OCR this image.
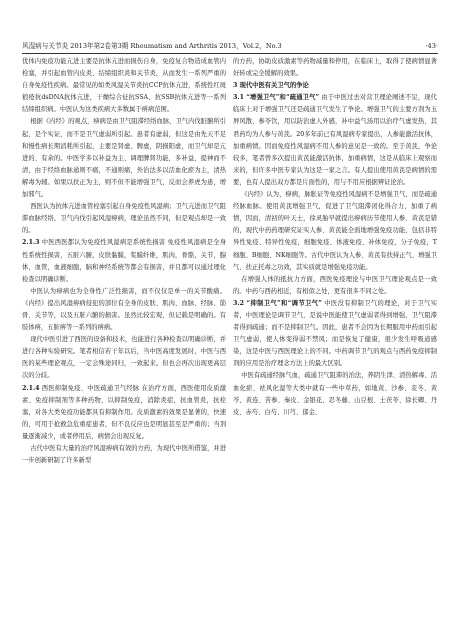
风湿病与关节炎 2013年第2卷第3期 Rheumatism and Arthritis 2013，Vol.2，No.3	·43·

优体内免疫功能亢进主要是抗体亢进而损伤自身，免疫复合物造成血管内栓塞，并引起血管内皮炎、结缔组织炎和关节炎，从而发生一系列严重的自身免疫性疾病。最常见的如类风湿关节炎抗CCP抗体亢进，系统性红斑狼疮抗dsDNA抗体亢进，干燥综合征抗SSA、抗SSB抗体亢进等一系列结缔组织病。中医认为这类疾病大多数属于痹病范围。

根据《内经》的观点，痹病是由卫气阻滞经络血脉，卫气内伐脏腑所引起，是个实证，而不是卫气虚弱所引起。患者有虚弱，但这是由先天不足和慢性病长期消耗所引起，主要是肾虚、脾虚，阴损阳虚，而卫气却是亢进的、有余的。中医学多以补益为主、调理脾肾功能，多补益、提神而不清，由于经络血脉通则不痛，不通则痛，外治法多以活血化瘀为主，清热解毒为辅。如果以扶正为主，则不但不能增强卫气，反而会养虎为患，增加邪气。

西医认为抗体亢进血管栓塞引起自身免疫性风湿病；卫气亢进而卫气阻滞血脉经络，卫气内伐引起风湿痹病，理论虽然不同，但是观点却是一致的。

2.1.3 中医西医都认为免疫性风湿病是系统性损害 免疫性风湿病是全身性系统性损害，五脏六腑，皮肤黏膜，浆膜纤维，肌肉，骨骼，关节，腺体，血管，血液细胞，脑和神经系统等都会有损害，并且都可以通过理化检查以明确诊断。

中医认为痹病也为全身性广泛性损害，而不仅仅是单一的关节酸痛。《内经》提出风湿痹病侵犯的部位有全身的皮肤、肌肉、血脉、经脉、筋骨、关节等，以及五脏六腑的损害。虽然比较宏观，但记载是明确的。有肢体痹，五脏痹等一系列的痹病。

现代中医引进了西医的设备和技术，也能进行各种检查以明确诊断，并进行各种实验研究。笔者相信若干年以后，当中医高度发展时，中医与西医的某些理论观点，一定会殊途同归，一致起来。但也会再次出现更高层次的分歧。

2.1.4 西医抑制免疫、中医疏通卫气经脉 在治疗方面，西医使用皮质激素、免疫抑制剂等多种药物，以抑制免疫，消除炎症，抗血管炎，抗栓塞，对各大类免疫功能都具有抑制作用。皮质激素的效果是显著的，快速的，可用于抢救急危重症患者，但不良反应也是明显甚至是严重的；当剂量逐渐减少，或者停用后，病情会出现反复。

古代中医有大量的治疗风湿痹病有效的方药，为现代中医所借鉴，并进一步创新研制了许多新型

的方药，协助皮质激素等药物减量和停用，在临床上，取得了使病情显著好转或完全缓解的效果。

3 现代中医有关卫气的争论

3.1 “增强卫气”和“疏通卫气” 由于中医过去对营卫理论阐述不足，现代临床上对于增强卫气还是疏通卫气发生了争论。增强卫气的主要方剂为玉屏风散，参苓饮，用以防治虚人外感，补中益气汤用以治疗气虚发热，其君药均为人参与黄芪。20多年前已有风湿病专家提出，人参能激活抗体，加重病情。因而免疫性风湿病不用人参的意见是一致的。至于黄芪，争论较多，笔者曾多次提出黄芪能激活抗体，加重病情，这是从临床上观察而来的，但许多中医专家认为这是一家之言。有人提出使用黄芪是病情的需要，也有人提出双方都是片面性的，用与不用应根据辨证论治。

《内经》认为，痹病，脉胀证等免疫性风湿病不是增强卫气，而是疏通经脉血脉。使用黄芪增强卫气，促进了卫气阻滞闭化得合力，加重了病情，因而，清初的叶天士，徐灵胎早就提出痹病历节使用人参、黄芪是错的，现代中药药理研究证实人参、黄芪能全面地增强免疫功能，包括非特异性免疫、特异性免疫，细胞免疫、体液免疫、补体免疫，分子免疫，T细胞、B细胞、NK细胞等。古代中医认为人参、黄芪有扶持正气、增强卫气、扶正托毒之功效，其实质就是增强免疫功能。

在增强人体的抵抗力方面，西医免疫理论与中医卫气理论观点是一致的。中药与西药相近，有相似之处，更有很多不同之处。

3.2 “抑制卫气”和“调节卫气” 中医没有抑制卫气的理论，对于卫气实者，中医理论是调节卫气，是说中医能使卫气虚弱者得到增强，卫气阻滞者得到疏通；而不是抑制卫气。因此，患者不会因为长期服用中药而引起卫气虚弱，使人体变得弱不禁风；而是恢复了健康，很少发生呼吸道感染，这是中医与西医理论上的不同。中药调节卫气的观点与西药免疫抑制剂的应用是治疗理念方法上的最大区别。

中医有疏通经脉气血，疏通卫气阻滞的治法，养阴生津、清热解毒、活血化瘀、祛风化湿等大类中就有一些中草药，如地黄、沙参、麦冬、黄芩、黄连、苦参、秦皮、金银花、忍冬藤、山豆根、土茯苓、徐长卿、丹皮、赤芍、白芍、川芎、郁金、
